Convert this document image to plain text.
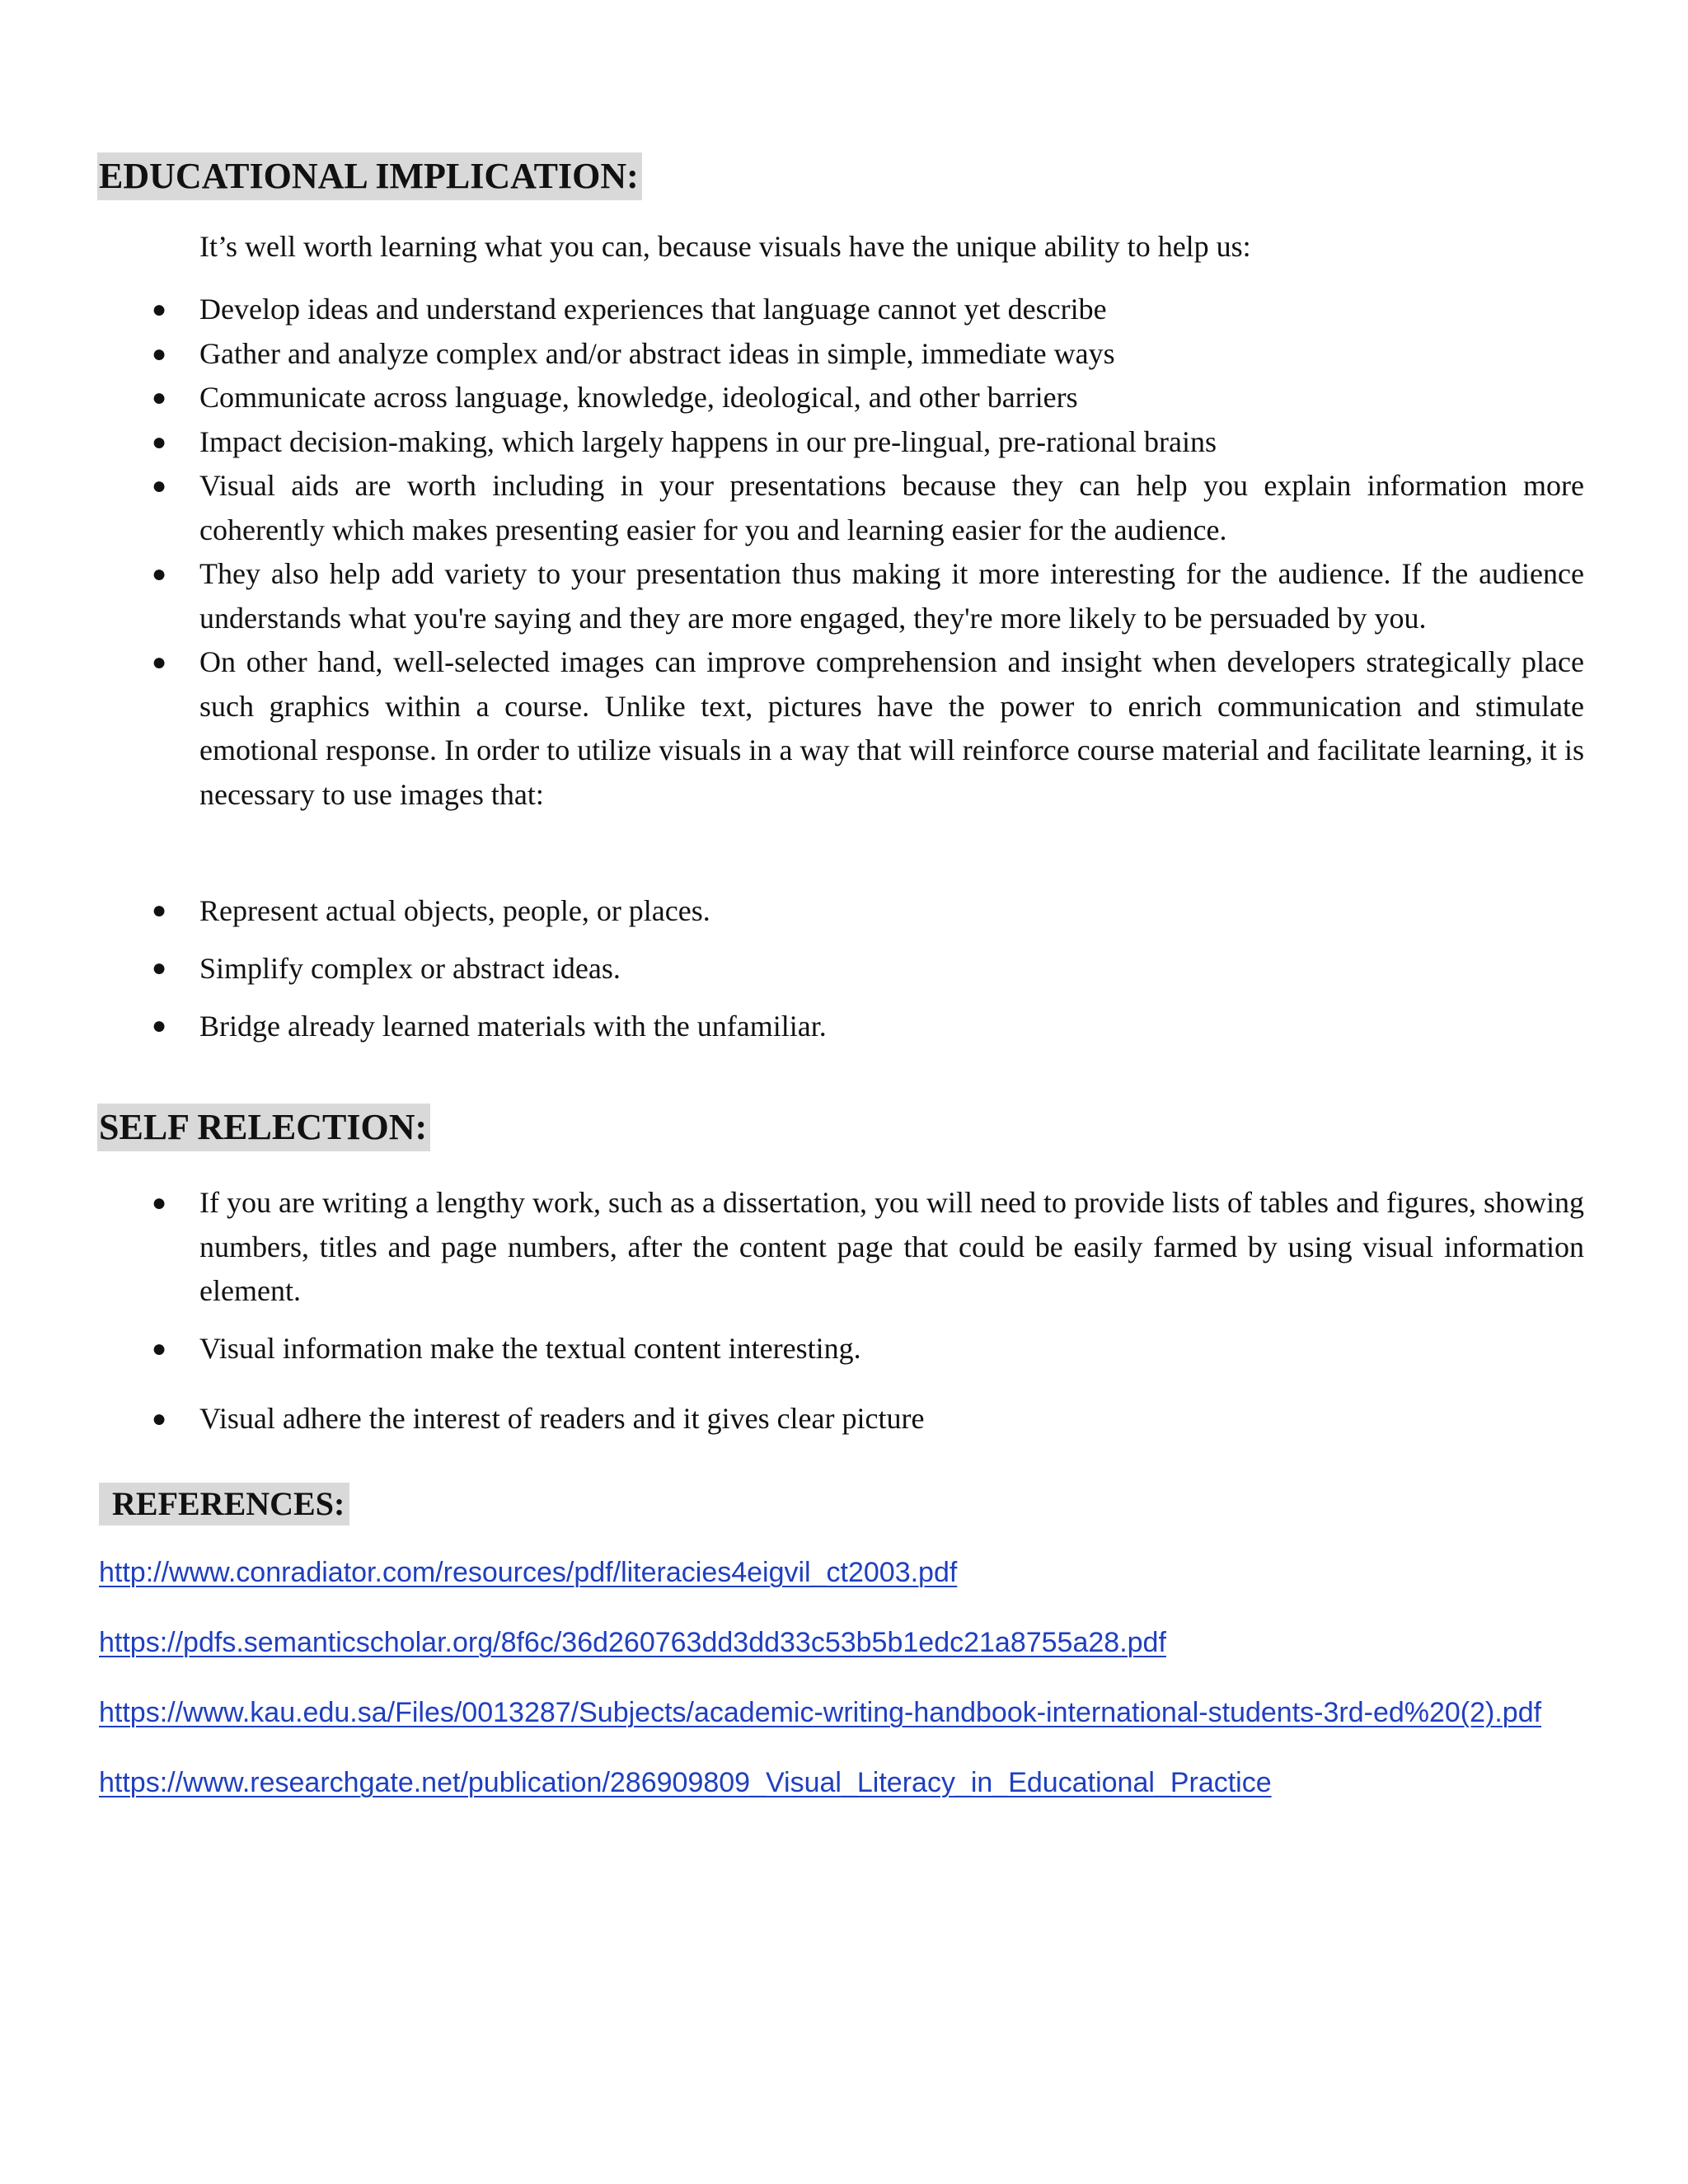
EDUCATIONAL IMPLICATION:
It’s well worth learning what you can, because visuals have the unique ability to help us:
● Develop ideas and understand experiences that language cannot yet describe
● Gather and analyze complex and/or abstract ideas in simple, immediate ways
● Communicate across language, knowledge, ideological, and other barriers
● Impact decision-making, which largely happens in our pre-lingual, pre-rational brains
● Visual aids are worth including in your presentations because they can help you explain information more coherently which makes presenting easier for you and learning easier for the audience.
● They also help add variety to your presentation thus making it more interesting for the audience. If the audience understands what you're saying and they are more engaged, they're more likely to be persuaded by you.
● On other hand, well-selected images can improve comprehension and insight when developers strategically place such graphics within a course. Unlike text, pictures have the power to enrich communication and stimulate emotional response. In order to utilize visuals in a way that will reinforce course material and facilitate learning, it is necessary to use images that:
● Represent actual objects, people, or places.
● Simplify complex or abstract ideas.
● Bridge already learned materials with the unfamiliar.
SELF RELECTION:
● If you are writing a lengthy work, such as a dissertation, you will need to provide lists of tables and figures, showing numbers, titles and page numbers, after the content page that could be easily farmed by using visual information element.
● Visual information make the textual content interesting.
● Visual adhere the interest of readers and it gives clear picture
REFERENCES:
http://www.conradiator.com/resources/pdf/literacies4eigvil_ct2003.pdf
https://pdfs.semanticscholar.org/8f6c/36d260763dd3dd33c53b5b1edc21a8755a28.pdf
https://www.kau.edu.sa/Files/0013287/Subjects/academic-writing-handbook-international-students-3rd-ed%20(2).pdf
https://www.researchgate.net/publication/286909809_Visual_Literacy_in_Educational_Practice
